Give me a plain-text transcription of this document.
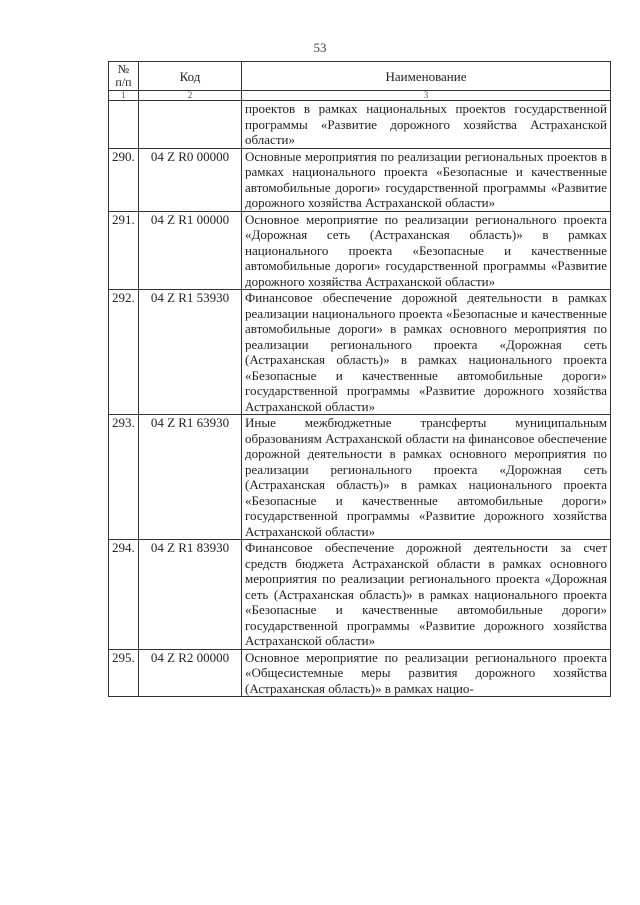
53
№ п/п	Код	Наименование
1	2	3
		проектов в рамках национальных проектов государственной программы «Развитие дорожного хозяйства Астраханской области»
290.	04 Z R0 00000	Основные мероприятия по реализации региональных проектов в рамках национального проекта «Безопасные и качественные автомобильные дороги» государственной программы «Развитие дорожного хозяйства Астраханской области»
291.	04 Z R1 00000	Основное мероприятие по реализации регионального проекта «Дорожная сеть (Астраханская область)» в рамках национального проекта «Безопасные и качественные автомобильные дороги» государственной программы «Развитие дорожного хозяйства Астраханской области»
292.	04 Z R1 53930	Финансовое обеспечение дорожной деятельности в рамках реализации национального проекта «Безопасные и качественные автомобильные дороги» в рамках основного мероприятия по реализации регионального проекта «Дорожная сеть (Астраханская область)» в рамках национального проекта «Безопасные и качественные автомобильные дороги» государственной программы «Развитие дорожного хозяйства Астраханской области»
293.	04 Z R1 63930	Иные межбюджетные трансферты муниципальным образованиям Астраханской области на финансовое обеспечение дорожной деятельности в рамках основного мероприятия по реализации регионального проекта «Дорожная сеть (Астраханская область)» в рамках национального проекта «Безопасные и качественные автомобильные дороги» государственной программы «Развитие дорожного хозяйства Астраханской области»
294.	04 Z R1 83930	Финансовое обеспечение дорожной деятельности за счет средств бюджета Астраханской области в рамках основного мероприятия по реализации регионального проекта «Дорожная сеть (Астраханская область)» в рамках национального проекта «Безопасные и качественные автомобильные дороги» государственной программы «Развитие дорожного хозяйства Астраханской области»
295.	04 Z R2 00000	Основное мероприятие по реализации регионального проекта «Общесистемные меры развития дорожного хозяйства (Астраханская область)» в рамках нацио-
